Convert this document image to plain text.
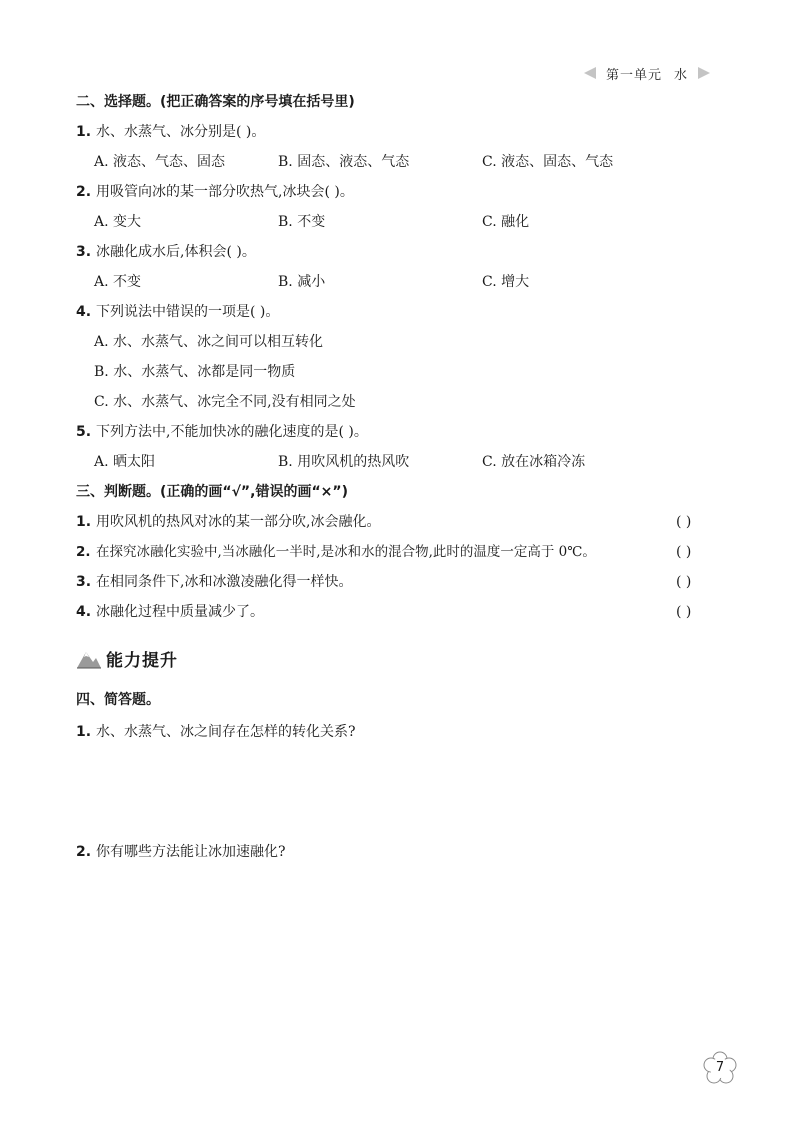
第一单元 水
二、选择题。(把正确答案的序号填在括号里)
1. 水、水蒸气、冰分别是( )。
A. 液态、气态、固态	B. 固态、液态、气态	C. 液态、固态、气态
2. 用吸管向冰的某一部分吹热气,冰块会( )。
A. 变大	B. 不变	C. 融化
3. 冰融化成水后,体积会( )。
A. 不变	B. 减小	C. 增大
4. 下列说法中错误的一项是( )。
A. 水、水蒸气、冰之间可以相互转化
B. 水、水蒸气、冰都是同一物质
C. 水、水蒸气、冰完全不同,没有相同之处
5. 下列方法中,不能加快冰的融化速度的是( )。
A. 晒太阳	B. 用吹风机的热风吹	C. 放在冰箱冷冻
三、判断题。(正确的画“√”,错误的画“×”)
1. 用吹风机的热风对冰的某一部分吹,冰会融化。	( )
2. 在探究冰融化实验中,当冰融化一半时,是冰和水的混合物,此时的温度一定高于 0℃。	( )
3. 在相同条件下,冰和冰激凌融化得一样快。	( )
4. 冰融化过程中质量减少了。	( )
能力提升
四、简答题。
1. 水、水蒸气、冰之间存在怎样的转化关系?
2. 你有哪些方法能让冰加速融化?
7
